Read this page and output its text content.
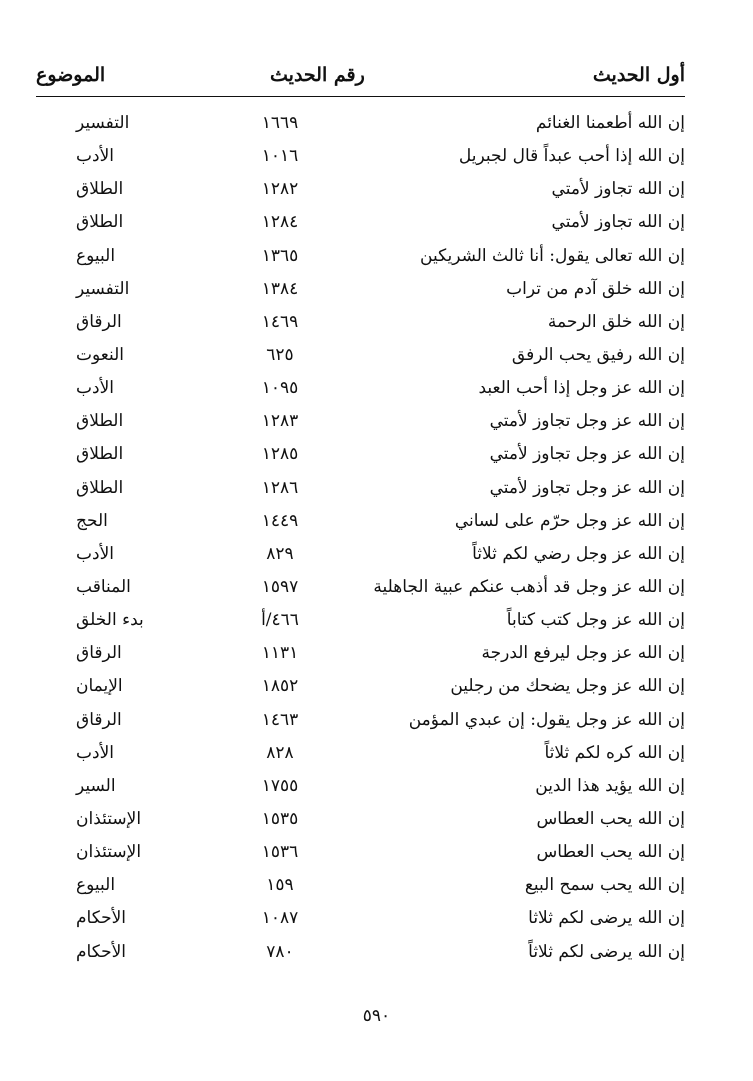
أول الحديث
رقم الحديث
الموضوع
إن الله أطعمنا الغنائم
١٦٦٩
التفسير
إن الله إذا أحب عبداً قال لجبريل
١٠١٦
الأدب
إن الله تجاوز لأمتي
١٢٨٢
الطلاق
إن الله تجاوز لأمتي
١٢٨٤
الطلاق
إن الله تعالى يقول: أنا ثالث الشريكين
١٣٦٥
البيوع
إن الله خلق آدم من تراب
١٣٨٤
التفسير
إن الله خلق الرحمة
١٤٦٩
الرقاق
إن الله رفيق يحب الرفق
٦٢٥
النعوت
إن الله عز وجل إذا أحب العبد
١٠٩٥
الأدب
إن الله عز وجل تجاوز لأمتي
١٢٨٣
الطلاق
إن الله عز وجل تجاوز لأمتي
١٢٨٥
الطلاق
إن الله عز وجل تجاوز لأمتي
١٢٨٦
الطلاق
إن الله عز وجل حرّم على لساني
١٤٤٩
الحج
إن الله عز وجل رضي لكم ثلاثاً
٨٢٩
الأدب
إن الله عز وجل قد أذهب عنكم عبية الجاهلية
١٥٩٧
المناقب
إن الله عز وجل كتب كتاباً
٤٦٦/أ
بدء الخلق
إن الله عز وجل ليرفع الدرجة
١١٣١
الرقاق
إن الله عز وجل يضحك من رجلين
١٨٥٢
الإيمان
إن الله عز وجل يقول: إن عبدي المؤمن
١٤٦٣
الرقاق
إن الله كره لكم ثلاثاً
٨٢٨
الأدب
إن الله يؤيد هذا الدين
١٧٥٥
السير
إن الله يحب العطاس
١٥٣٥
الإستئذان
إن الله يحب العطاس
١٥٣٦
الإستئذان
إن الله يحب سمح البيع
١٥٩
البيوع
إن الله يرضى لكم ثلاثا
١٠٨٧
الأحكام
إن الله يرضى لكم ثلاثاً
٧٨٠
الأحكام
٥٩٠
